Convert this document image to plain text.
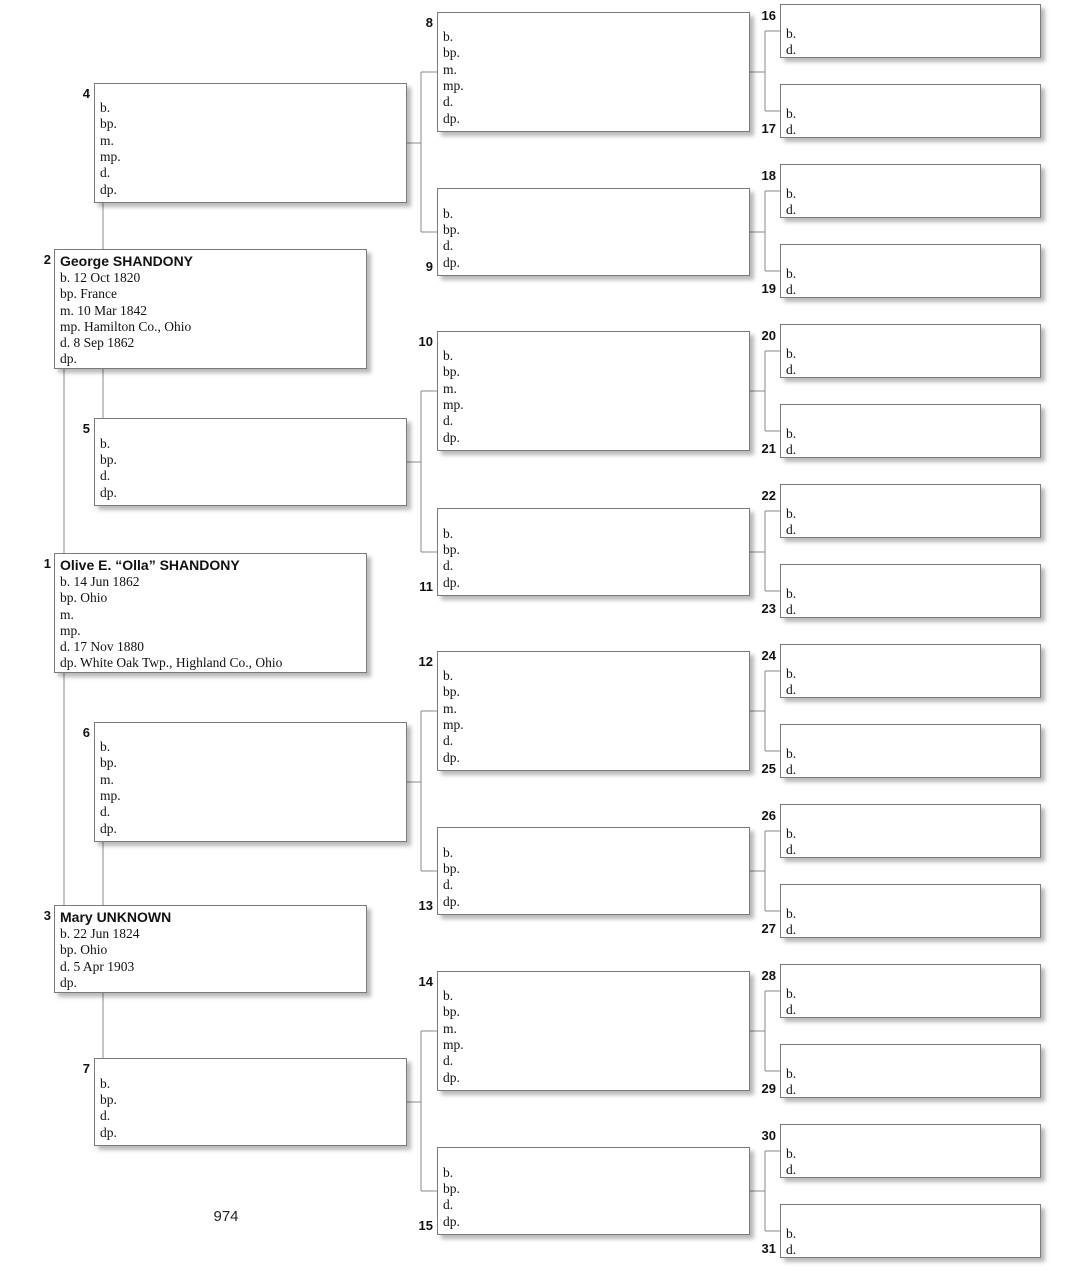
Olive E. “Olla” SHANDONY
b. 14 Jun 1862
bp. Ohio
m.
mp.
d. 17 Nov 1880
dp. White Oak Twp., Highland Co., Ohio
1
George SHANDONY
b. 12 Oct 1820
bp. France
m. 10 Mar 1842
mp. Hamilton Co., Ohio
d. 8 Sep 1862
dp.
2
Mary UNKNOWN
b. 22 Jun 1824
bp. Ohio
d. 5 Apr 1903
dp.
3
b.
bp.
m.
mp.
d.
dp.
4
b.
bp.
d.
dp.
5
b.
bp.
m.
mp.
d.
dp.
6
b.
bp.
d.
dp.
7
b.
bp.
m.
mp.
d.
dp.
8
b.
bp.
d.
dp.
9
b.
bp.
m.
mp.
d.
dp.
10
b.
bp.
d.
dp.
11
b.
bp.
m.
mp.
d.
dp.
12
b.
bp.
d.
dp.
13
b.
bp.
m.
mp.
d.
dp.
14
b.
bp.
d.
dp.
15
b.
d.
16
b.
d.
17
b.
d.
18
b.
d.
19
b.
d.
20
b.
d.
21
b.
d.
22
b.
d.
23
b.
d.
24
b.
d.
25
b.
d.
26
b.
d.
27
b.
d.
28
b.
d.
29
b.
d.
30
b.
d.
31
974
